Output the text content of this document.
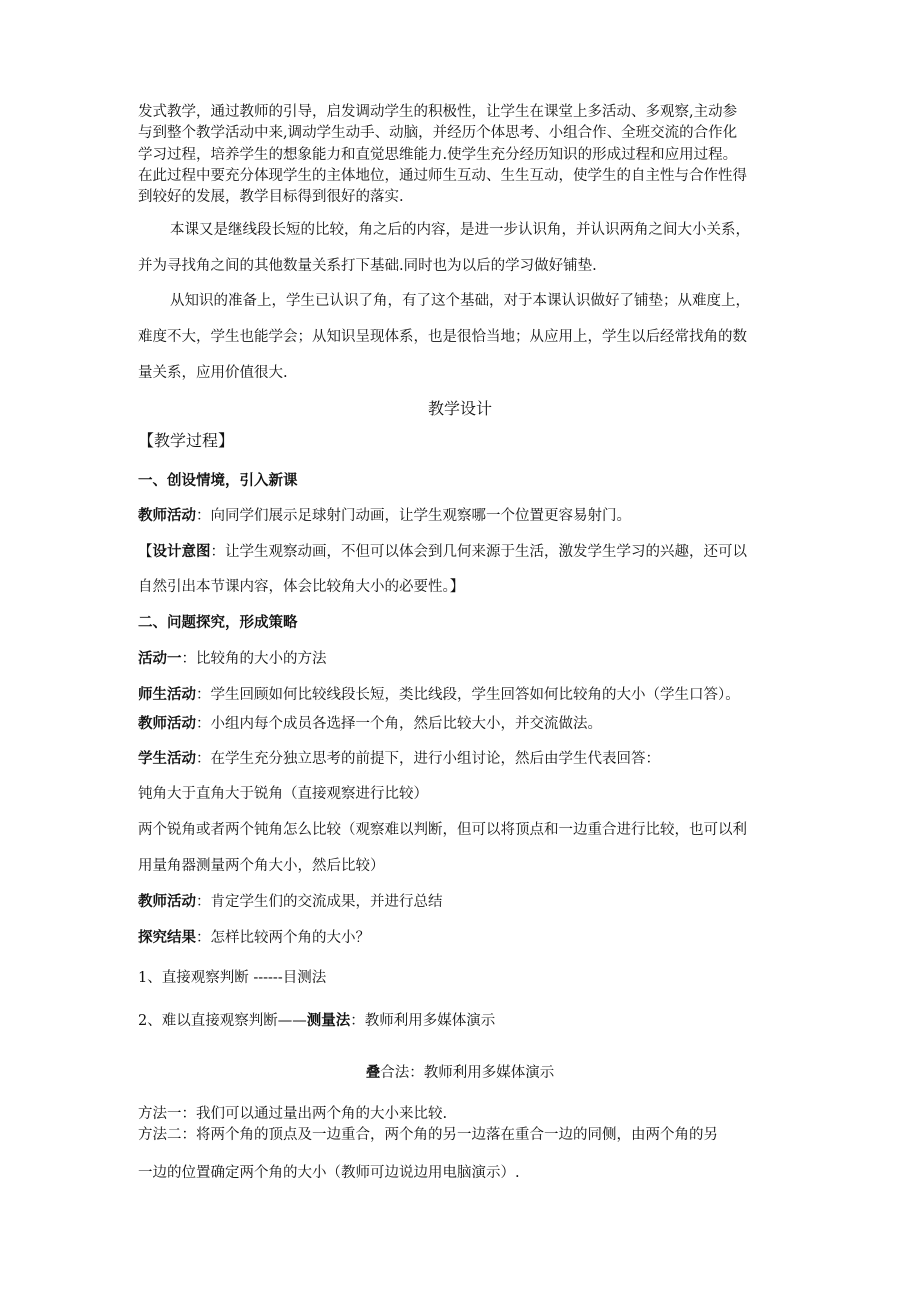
发式教学，通过教师的引导，启发调动学生的积极性，让学生在课堂上多活动、多观察,主动参
与到整个教学活动中来,调动学生动手、动脑，并经历个体思考、小组合作、全班交流的合作化
学习过程，培养学生的想象能力和直觉思维能力.使学生充分经历知识的形成过程和应用过程。
在此过程中要充分体现学生的主体地位，通过师生互动、生生互动，使学生的自主性与合作性得
到较好的发展，教学目标得到很好的落实.
本课又是继线段长短的比较，角之后的内容，是进一步认识角，并认识两角之间大小关系，
并为寻找角之间的其他数量关系打下基础.同时也为以后的学习做好铺垫.
从知识的准备上，学生已认识了角，有了这个基础，对于本课认识做好了铺垫；从难度上，
难度不大，学生也能学会；从知识呈现体系，也是很恰当地；从应用上，学生以后经常找角的数
量关系，应用价值很大.
教学设计
【教学过程】
一、创设情境，引入新课
教师活动：向同学们展示足球射门动画，让学生观察哪一个位置更容易射门。
【设计意图：让学生观察动画，不但可以体会到几何来源于生活，激发学生学习的兴趣，还可以
自然引出本节课内容，体会比较角大小的必要性。】
二、问题探究，形成策略
活动一：比较角的大小的方法
师生活动：学生回顾如何比较线段长短，类比线段，学生回答如何比较角的大小（学生口答）。
教师活动：小组内每个成员各选择一个角，然后比较大小，并交流做法。
学生活动：在学生充分独立思考的前提下，进行小组讨论，然后由学生代表回答：
钝角大于直角大于锐角（直接观察进行比较）
两个锐角或者两个钝角怎么比较（观察难以判断，但可以将顶点和一边重合进行比较，也可以利
用量角器测量两个角大小，然后比较）
教师活动：肯定学生们的交流成果，并进行总结
探究结果：怎样比较两个角的大小？
1、直接观察判断 ------目测法
2、难以直接观察判断——测量法：教师利用多媒体演示
叠合法：教师利用多媒体演示
方法一：我们可以通过量出两个角的大小来比较.
方法二：将两个角的顶点及一边重合，两个角的另一边落在重合一边的同侧，由两个角的另
一边的位置确定两个角的大小（教师可边说边用电脑演示）.
